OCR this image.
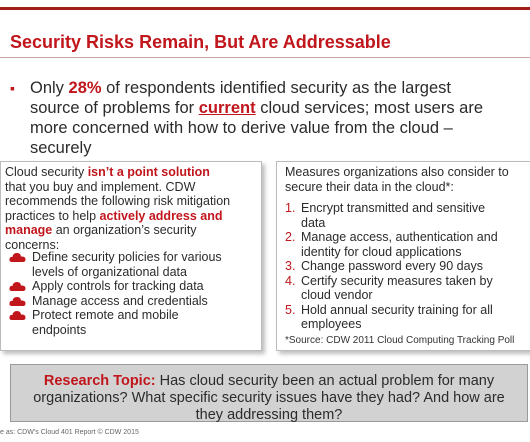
Security Risks Remain, But Are Addressable
▪ Only 28% of respondents identified security as the largest
source of problems for current cloud services; most users are
more concerned with how to derive value from the cloud –
securely
Cloud security isn’t a point solution
that you buy and implement. CDW
recommends the following risk mitigation
practices to help actively address and
manage an organization’s security
concerns:
Define security policies for various
levels of organizational data
Apply controls for tracking data
Manage access and credentials
Protect remote and mobile
endpoints
Measures organizations also consider to
secure their data in the cloud*:
1. Encrypt transmitted and sensitive
data
2. Manage access, authentication and
identity for cloud applications
3. Change password every 90 days
4. Certify security measures taken by
cloud vendor
5. Hold annual security training for all
employees
*Source: CDW 2011 Cloud Computing Tracking Poll
Research Topic: Has cloud security been an actual problem for many
organizations? What specific security issues have they had? And how are
they addressing them?
e as: CDW’s Cloud 401 Report © CDW 2015
